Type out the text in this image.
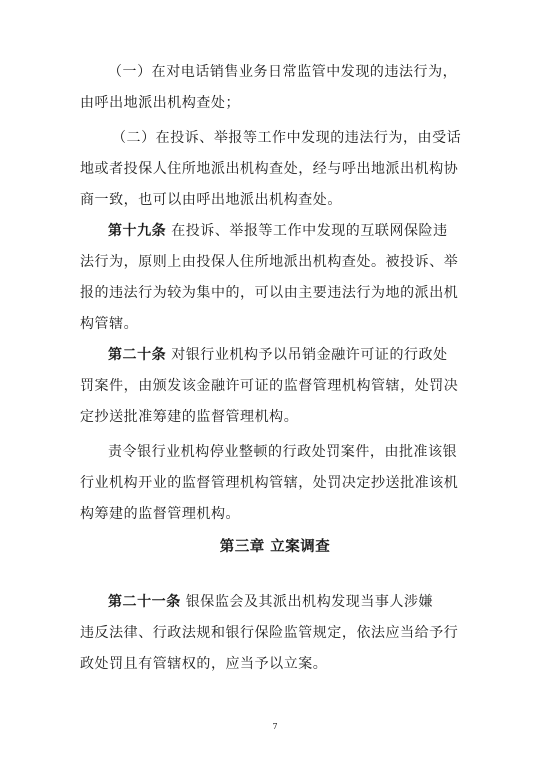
（一）在对电话销售业务日常监管中发现的违法行为，
由呼出地派出机构查处；
（二）在投诉、举报等工作中发现的违法行为，由受话
地或者投保人住所地派出机构查处，经与呼出地派出机构协
商一致，也可以由呼出地派出机构查处。
第十九条 在投诉、举报等工作中发现的互联网保险违
法行为，原则上由投保人住所地派出机构查处。被投诉、举
报的违法行为较为集中的，可以由主要违法行为地的派出机
构管辖。
第二十条 对银行业机构予以吊销金融许可证的行政处
罚案件，由颁发该金融许可证的监督管理机构管辖，处罚决
定抄送批准筹建的监督管理机构。
责令银行业机构停业整顿的行政处罚案件，由批准该银
行业机构开业的监督管理机构管辖，处罚决定抄送批准该机
构筹建的监督管理机构。
第三章 立案调查
第二十一条 银保监会及其派出机构发现当事人涉嫌
违反法律、行政法规和银行保险监管规定，依法应当给予行
政处罚且有管辖权的，应当予以立案。
7
